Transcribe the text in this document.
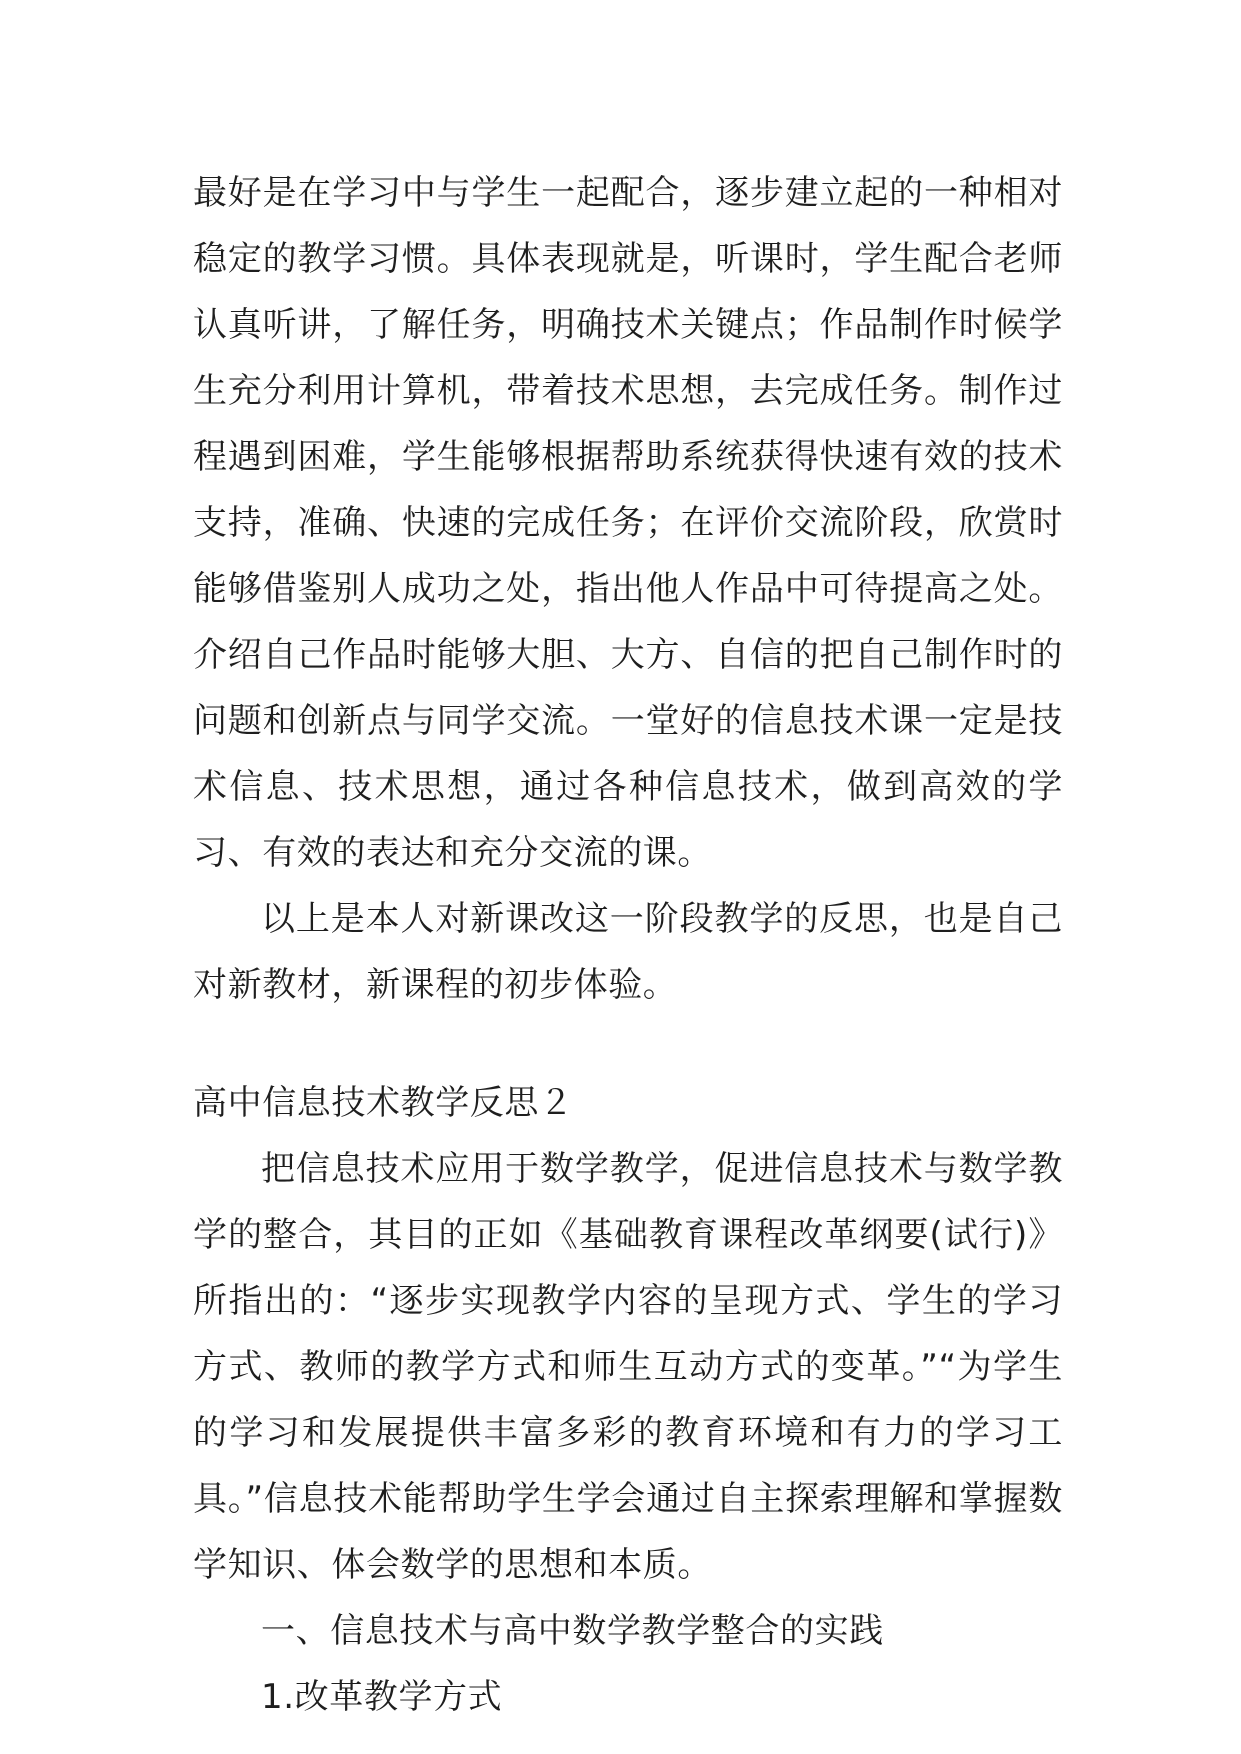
最好是在学习中与学生一起配合，逐步建立起的一种相对稳定的教学习惯。具体表现就是，听课时，学生配合老师认真听讲，了解任务，明确技术关键点；作品制作时候学生充分利用计算机，带着技术思想，去完成任务。制作过程遇到困难，学生能够根据帮助系统获得快速有效的技术支持，准确、快速的完成任务；在评价交流阶段，欣赏时能够借鉴别人成功之处，指出他人作品中可待提高之处。介绍自己作品时能够大胆、大方、自信的把自己制作时的问题和创新点与同学交流。一堂好的信息技术课一定是技术信息、技术思想，通过各种信息技术，做到高效的学习、有效的表达和充分交流的课。

以上是本人对新课改这一阶段教学的反思，也是自己对新教材，新课程的初步体验。

高中信息技术教学反思２

把信息技术应用于数学教学，促进信息技术与数学教学的整合，其目的正如《基础教育课程改革纲要(试行)》所指出的：“逐步实现教学内容的呈现方式、学生的学习方式、教师的教学方式和师生互动方式的变革。”“为学生的学习和发展提供丰富多彩的教育环境和有力的学习工具。”信息技术能帮助学生学会通过自主探索理解和掌握数学知识、体会数学的思想和本质。

一、信息技术与高中数学教学整合的实践

1.改革教学方式
